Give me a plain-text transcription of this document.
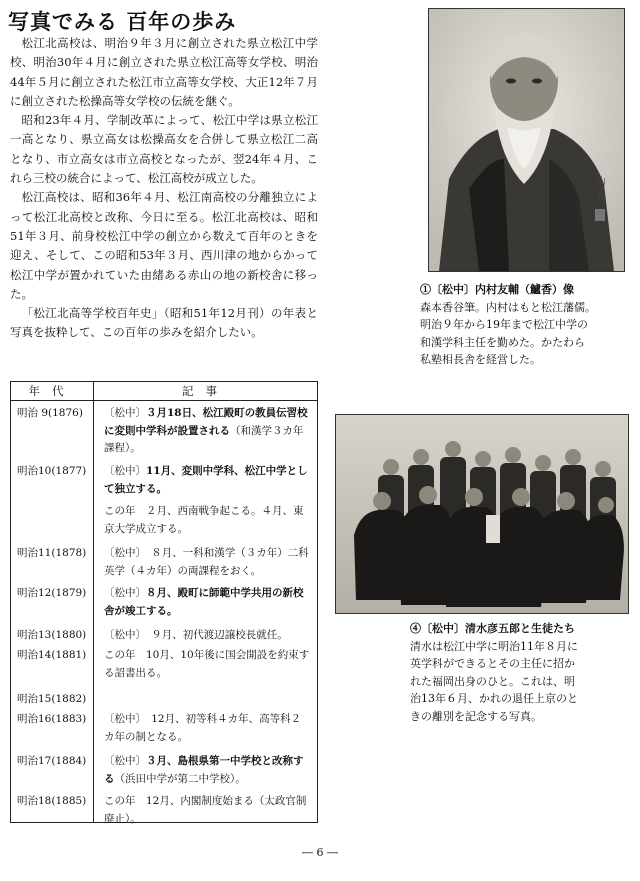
写真でみる 百年の歩み

松江北高校は、明治９年３月に創立された県立松江中学校、明治30年４月に創立された県立松江高等女学校、明治44年５月に創立された松江市立高等女学校、大正12年７月に創立された松操高等女学校の伝統を継ぐ。

昭和23年４月、学制改革によって、松江中学は県立松江一高となり、県立高女は松操高女を合併して県立松江二高となり、市立高女は市立高校となったが、翌24年４月、これら三校の統合によって、松江高校が成立した。

松江高校は、昭和36年４月、松江南高校の分離独立によって松江北高校と改称、今日に至る。松江北高校は、昭和51年３月、前身校松江中学の創立から数えて百年のときを迎え、そして、この昭和53年３月、西川津の地からかって松江中学が置かれていた由緒ある赤山の地の新校舎に移った。

「松江北高等学校百年史」（昭和51年12月刊）の年表と写真を抜粋して、この百年の歩みを紹介したい。

山
谷
①〔松中〕内村友輔（鱸香）像
森本香谷筆。内村はもと松江藩儒。
明治９年から19年まで松江中学の
和漢学科主任を勤めた。かたわら
私塾相長舎を経営した。
④〔松中〕清水彦五郎と生徒たち
清水は松江中学に明治11年８月に
英学科ができるとその主任に招か
れた福岡出身のひと。これは、明
治13年６月、かれの退任上京のと
きの離別を記念する写真。
年代	記事
明治 9(1876) 〔松中〕３月18日、松江殿町の教員伝習校に変則中学科が設置される（和漢学３カ年課程）。
明治10(1877) 〔松中〕11月、変則中学科、松江中学として独立する。
この年　２月、西南戦争起こる。４月、東京大学成立する。
明治11(1878) 〔松中〕　８月、一科和漢学（３カ年）二科英学（４カ年）の両課程をおく。
明治12(1879) 〔松中〕８月、殿町に師範中学共用の新校舎が竣工する。
明治13(1880) 〔松中〕　９月、初代渡辺譲校長就任。
明治14(1881) この年　10月、10年後に国会開設を約束する詔書出る。
明治15(1882)
明治16(1883) 〔松中〕　12月、初等科４カ年、高等科２カ年の制となる。
明治17(1884) 〔松中〕３月、島根県第一中学校と改称する（浜田中学が第二中学校）。
明治18(1885) この年　12月、内閣制度始まる（太政官制廃止）。
― 6 ―
